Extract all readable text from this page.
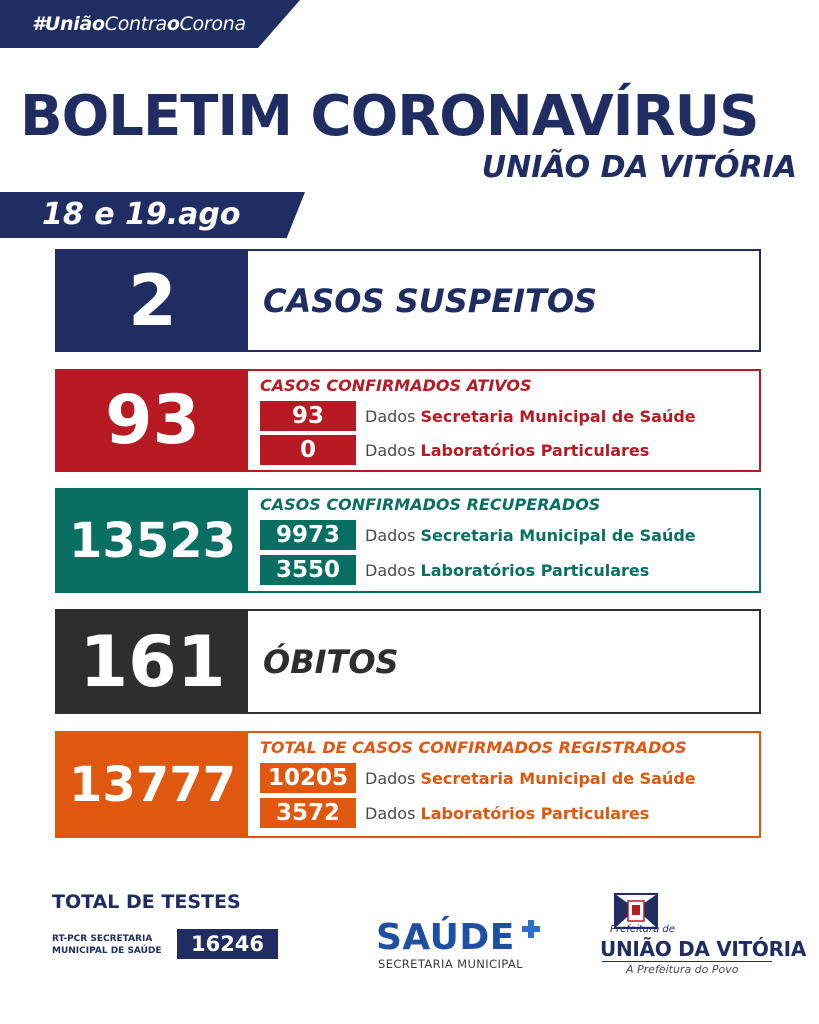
#UniãoContraoCorona
BOLETIM CORONAVÍRUS
UNIÃO DA VITÓRIA
18 e 19.ago
2	CASOS SUSPEITOS
93	CASOS CONFIRMADOS ATIVOS
93	Dados Secretaria Municipal de Saúde
0	Dados Laboratórios Particulares
13523
CASOS CONFIRMADOS RECUPERADOS
9973	Dados Secretaria Municipal de Saúde
3550	Dados Laboratórios Particulares
161	ÓBITOS
13777
TOTAL DE CASOS CONFIRMADOS REGISTRADOS
10205	Dados Secretaria Municipal de Saúde
3572	Dados Laboratórios Particulares
TOTAL DE TESTES
RT-PCR SECRETARIA
MUNICIPAL DE SAÚDE	16246	SAÚDE
SECRETARIA MUNICIPAL
Prefeitura de
UNIÃO DA VITÓRIA
A Prefeitura do Povo
